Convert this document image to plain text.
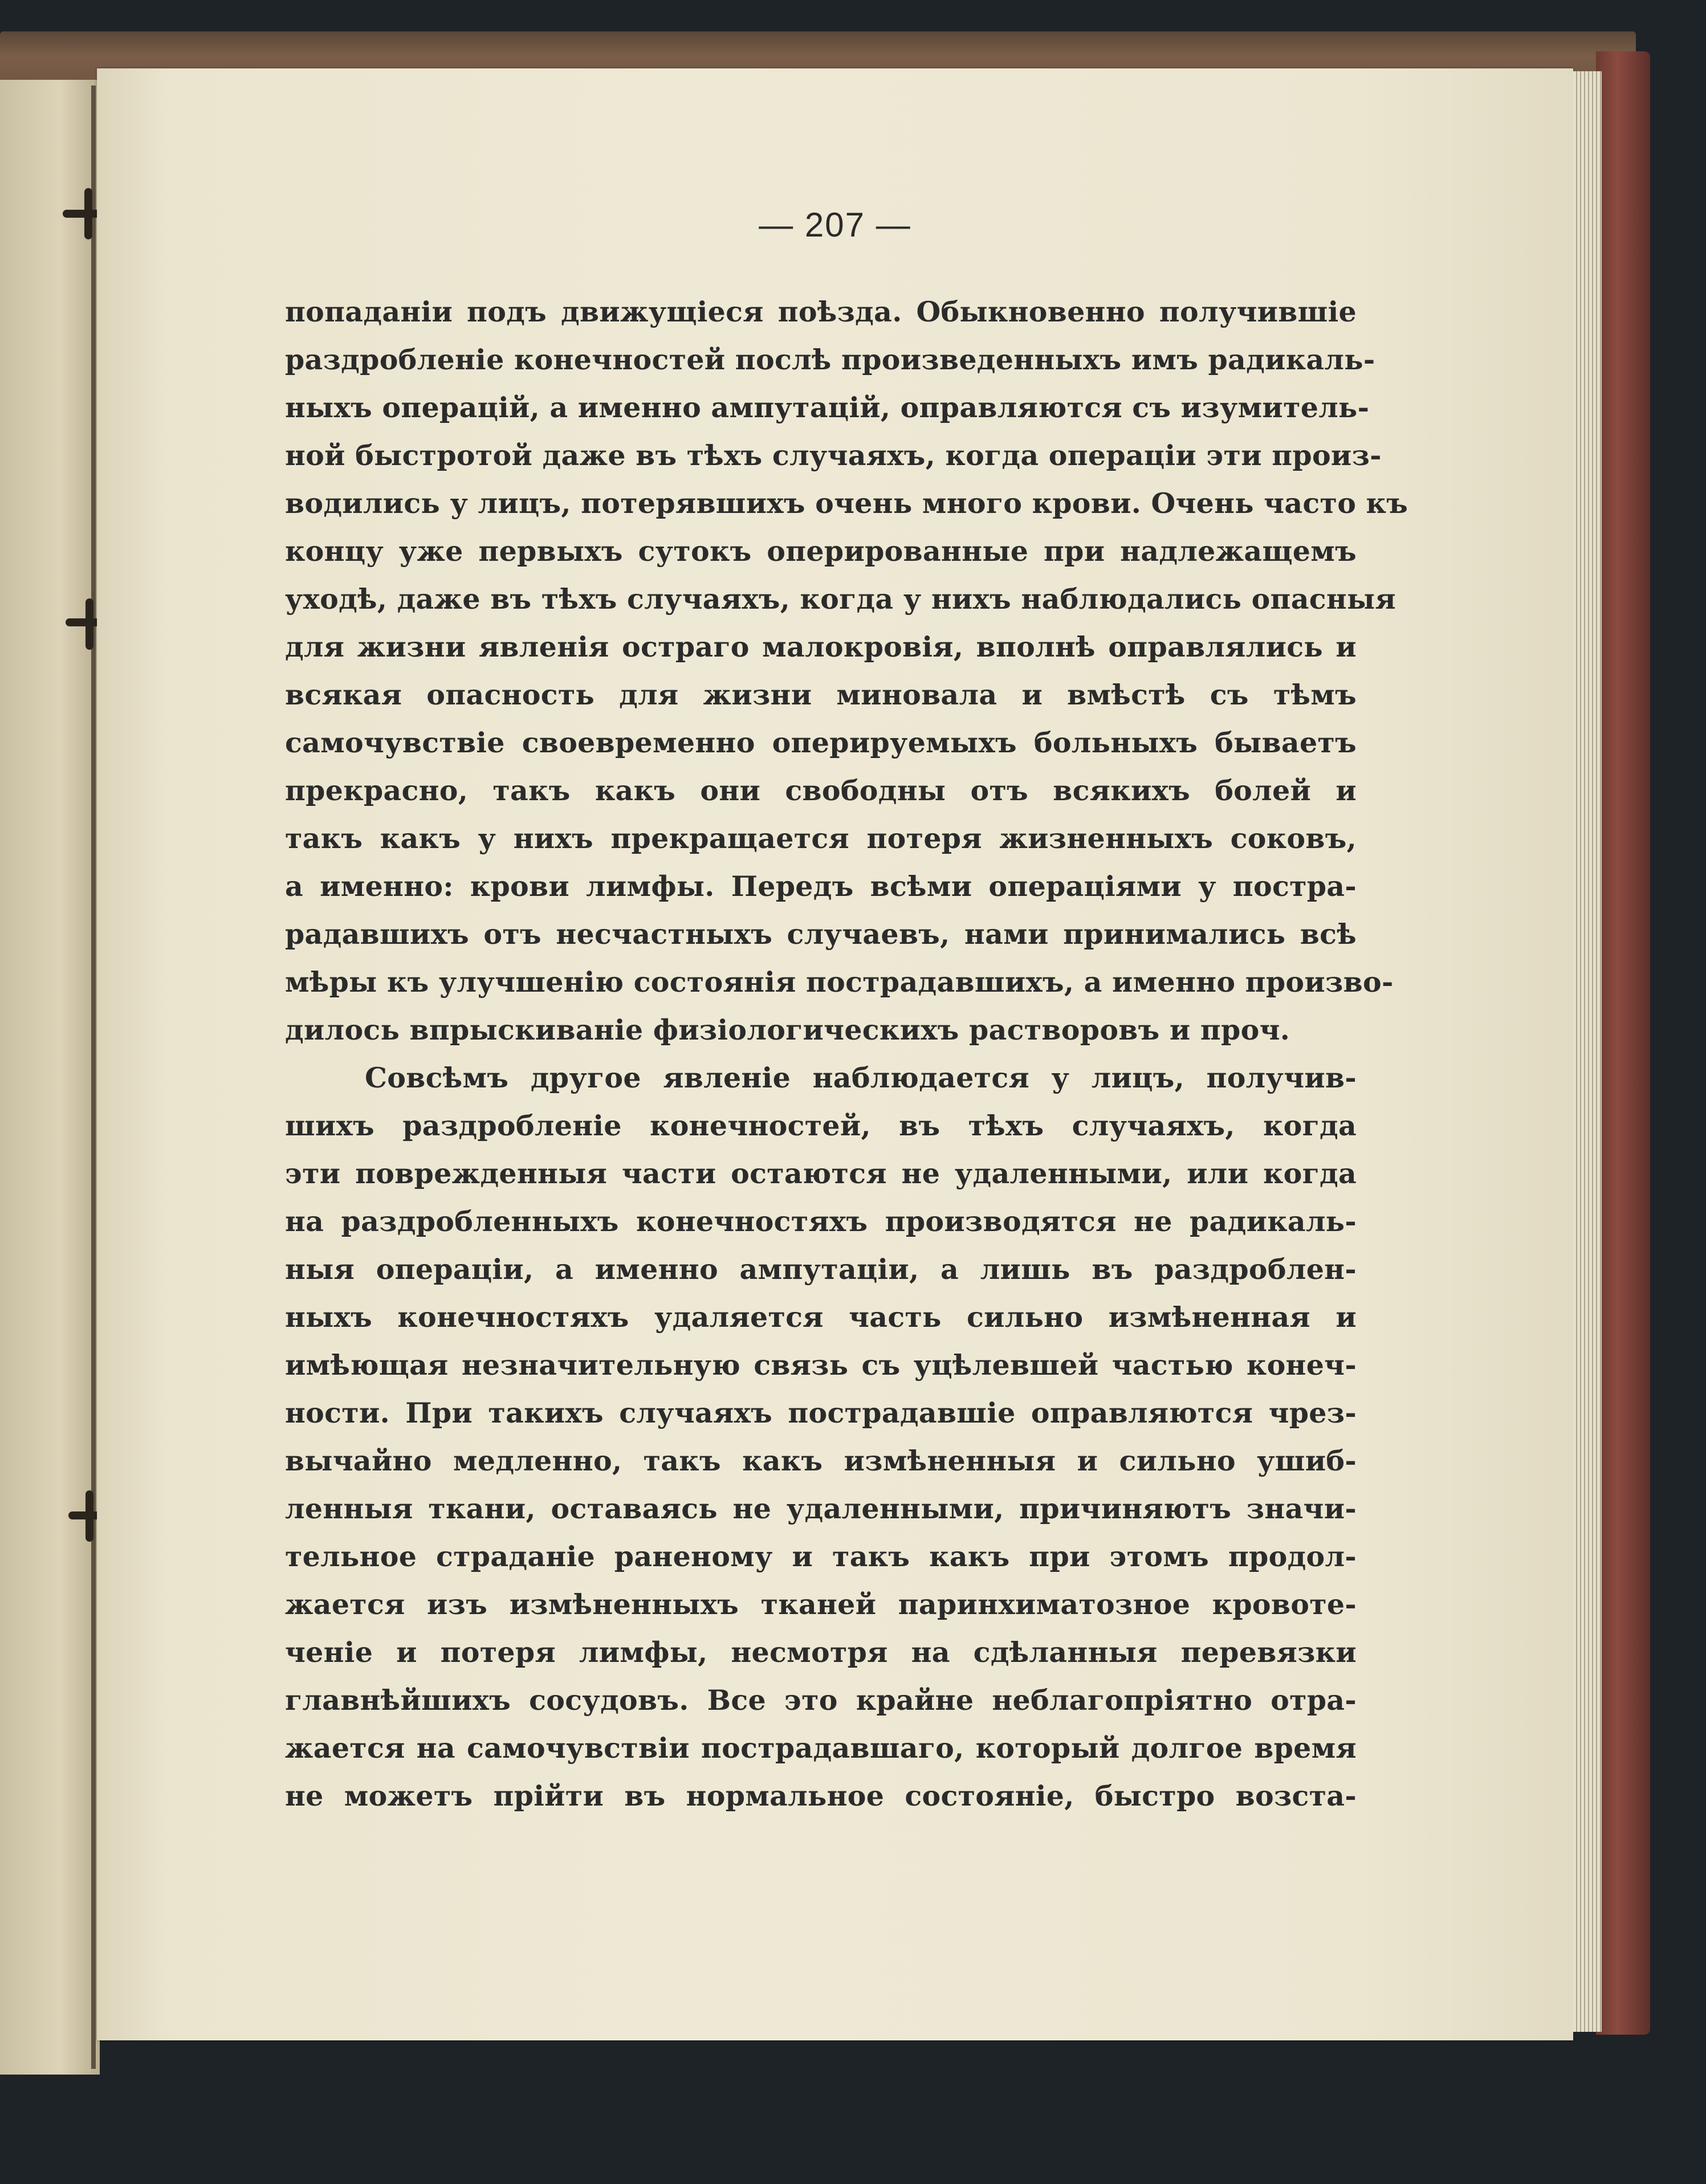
— 207 —
попаданіи подъ движущіеся поѣзда. Обыкновенно получившіе
раздробленіе конечностей послѣ произведенныхъ имъ радикаль-
ныхъ операцій, а именно ампутацій, оправляются съ изумитель-
ной быстротой даже въ тѣхъ случаяхъ, когда операціи эти произ-
водились у лицъ, потерявшихъ очень много крови. Очень часто къ
концу уже первыхъ сутокъ оперированные при надлежащемъ
уходѣ, даже въ тѣхъ случаяхъ, когда у нихъ наблюдались опасныя
для жизни явленія остраго малокровія, вполнѣ оправлялись и
всякая опасность для жизни миновала и вмѣстѣ съ тѣмъ
самочувствіе своевременно оперируемыхъ больныхъ бываетъ
прекрасно, такъ какъ они свободны отъ всякихъ болей и
такъ какъ у нихъ прекращается потеря жизненныхъ соковъ,
а именно: крови лимфы. Передъ всѣми операціями у постра-
радавшихъ отъ несчастныхъ случаевъ, нами принимались всѣ
мѣры къ улучшенію состоянія пострадавшихъ, а именно произво-
дилось впрыскиваніе физіологическихъ растворовъ и проч.
Совсѣмъ другое явленіе наблюдается у лицъ, получив-
шихъ раздробленіе конечностей, въ тѣхъ случаяхъ, когда
эти поврежденныя части остаются не удаленными, или когда
на раздробленныхъ конечностяхъ производятся не радикаль-
ныя операціи, а именно ампутаціи, а лишь въ раздроблен-
ныхъ конечностяхъ удаляется часть сильно измѣненная и
имѣющая незначительную связь съ уцѣлевшей частью конеч-
ности. При такихъ случаяхъ пострадавшіе оправляются чрез-
вычайно медленно, такъ какъ измѣненныя и сильно ушиб-
ленныя ткани, оставаясь не удаленными, причиняютъ значи-
тельное страданіе раненому и такъ какъ при этомъ продол-
жается изъ измѣненныхъ тканей паринхиматозное кровоте-
ченіе и потеря лимфы, несмотря на сдѣланныя перевязки
главнѣйшихъ сосудовъ. Все это крайне неблагопріятно отра-
жается на самочувствіи пострадавшаго, который долгое время
не можетъ прійти въ нормальное состояніе, быстро возста-
